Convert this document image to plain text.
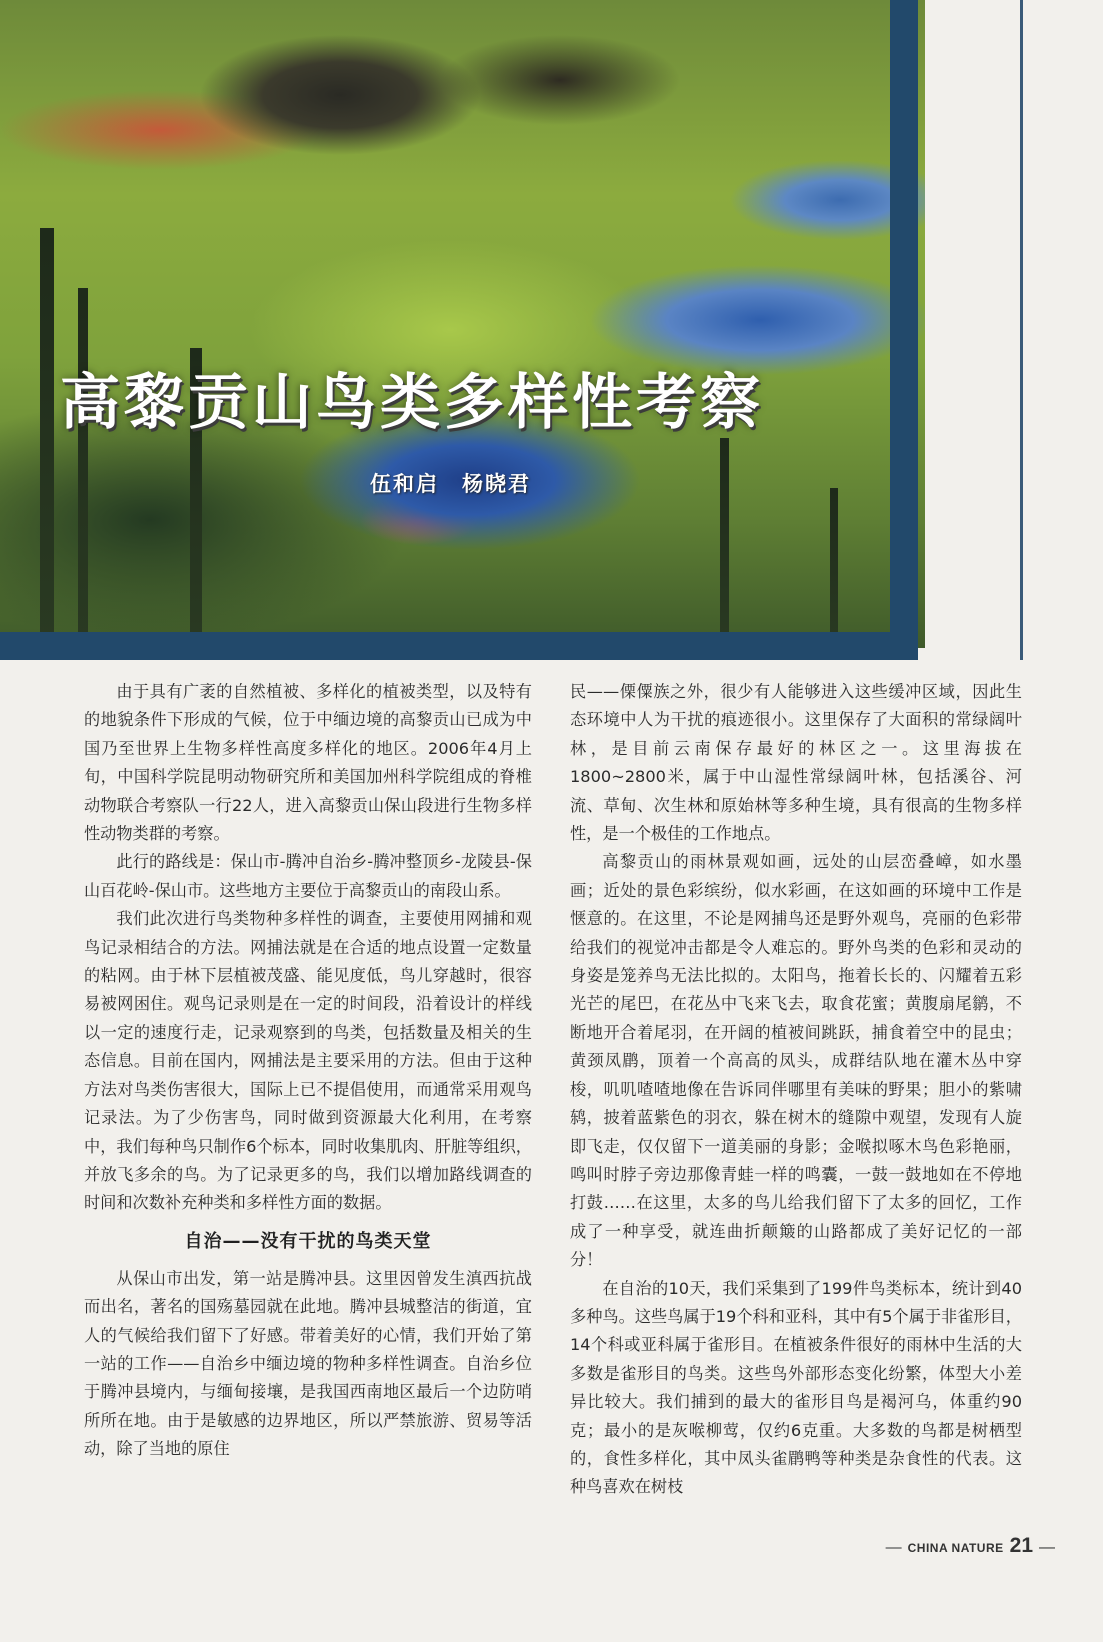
高黎贡山鸟类多样性考察
伍和启　杨晓君

由于具有广袤的自然植被、多样化的植被类型，以及特有的地貌条件下形成的气候，位于中缅边境的高黎贡山已成为中国乃至世界上生物多样性高度多样化的地区。2006年4月上旬，中国科学院昆明动物研究所和美国加州科学院组成的脊椎动物联合考察队一行22人，进入高黎贡山保山段进行生物多样性动物类群的考察。

此行的路线是：保山市-腾冲自治乡-腾冲整顶乡-龙陵县-保山百花岭-保山市。这些地方主要位于高黎贡山的南段山系。

我们此次进行鸟类物种多样性的调查，主要使用网捕和观鸟记录相结合的方法。网捕法就是在合适的地点设置一定数量的粘网。由于林下层植被茂盛、能见度低，鸟儿穿越时，很容易被网困住。观鸟记录则是在一定的时间段，沿着设计的样线以一定的速度行走，记录观察到的鸟类，包括数量及相关的生态信息。目前在国内，网捕法是主要采用的方法。但由于这种方法对鸟类伤害很大，国际上已不提倡使用，而通常采用观鸟记录法。为了少伤害鸟，同时做到资源最大化利用，在考察中，我们每种鸟只制作6个标本，同时收集肌肉、肝脏等组织，并放飞多余的鸟。为了记录更多的鸟，我们以增加路线调查的时间和次数补充种类和多样性方面的数据。

自治——没有干扰的鸟类天堂

从保山市出发，第一站是腾冲县。这里因曾发生滇西抗战而出名，著名的国殇墓园就在此地。腾冲县城整洁的街道，宜人的气候给我们留下了好感。带着美好的心情，我们开始了第一站的工作——自治乡中缅边境的物种多样性调查。自治乡位于腾冲县境内，与缅甸接壤，是我国西南地区最后一个边防哨所所在地。由于是敏感的边界地区，所以严禁旅游、贸易等活动，除了当地的原住

民——傈僳族之外，很少有人能够进入这些缓冲区域，因此生态环境中人为干扰的痕迹很小。这里保存了大面积的常绿阔叶林，是目前云南保存最好的林区之一。这里海拔在1800~2800米，属于中山湿性常绿阔叶林，包括溪谷、河流、草甸、次生林和原始林等多种生境，具有很高的生物多样性，是一个极佳的工作地点。

高黎贡山的雨林景观如画，远处的山层峦叠嶂，如水墨画；近处的景色彩缤纷，似水彩画，在这如画的环境中工作是惬意的。在这里，不论是网捕鸟还是野外观鸟，亮丽的色彩带给我们的视觉冲击都是令人难忘的。野外鸟类的色彩和灵动的身姿是笼养鸟无法比拟的。太阳鸟，拖着长长的、闪耀着五彩光芒的尾巴，在花丛中飞来飞去，取食花蜜；黄腹扇尾鹟，不断地开合着尾羽，在开阔的植被间跳跃，捕食着空中的昆虫；黄颈凤鹛，顶着一个高高的凤头，成群结队地在灌木丛中穿梭，叽叽喳喳地像在告诉同伴哪里有美味的野果；胆小的紫啸鸫，披着蓝紫色的羽衣，躲在树木的缝隙中观望，发现有人旋即飞走，仅仅留下一道美丽的身影；金喉拟啄木鸟色彩艳丽，鸣叫时脖子旁边那像青蛙一样的鸣囊，一鼓一鼓地如在不停地打鼓……在这里，太多的鸟儿给我们留下了太多的回忆，工作成了一种享受，就连曲折颠簸的山路都成了美好记忆的一部分！

在自治的10天，我们采集到了199件鸟类标本，统计到40多种鸟。这些鸟属于19个科和亚科，其中有5个属于非雀形目，14个科或亚科属于雀形目。在植被条件很好的雨林中生活的大多数是雀形目的鸟类。这些鸟外部形态变化纷繁，体型大小差异比较大。我们捕到的最大的雀形目鸟是褐河乌，体重约90克；最小的是灰喉柳莺，仅约6克重。大多数的鸟都是树栖型的，食性多样化，其中凤头雀鹛鸭等种类是杂食性的代表。这种鸟喜欢在树枝

— CHINA NATURE 21 —
